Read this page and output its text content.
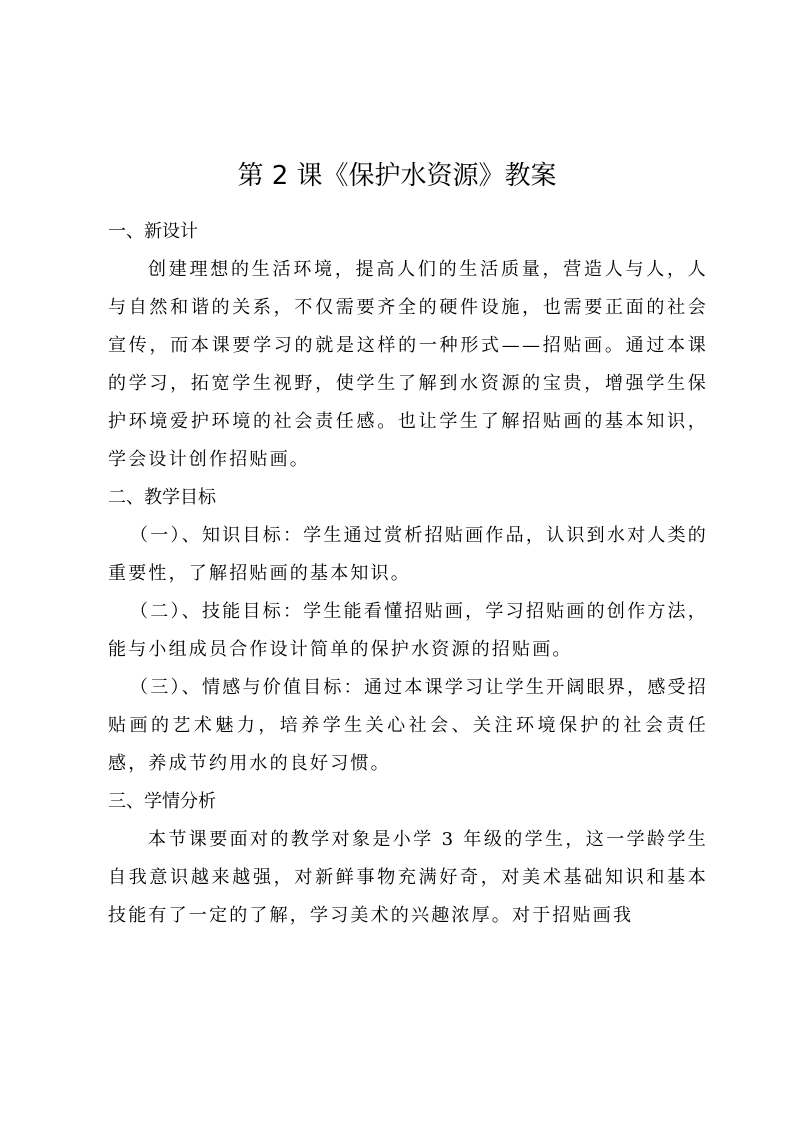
第 2 课《保护水资源》教案
一、新设计

创建理想的生活环境，提高人们的生活质量，营造人与人，人与自然和谐的关系，不仅需要齐全的硬件设施，也需要正面的社会宣传，而本课要学习的就是这样的一种形式——招贴画。通过本课的学习，拓宽学生视野，使学生了解到水资源的宝贵，增强学生保护环境爱护环境的社会责任感。也让学生了解招贴画的基本知识，学会设计创作招贴画。

二、教学目标

（一）、知识目标：学生通过赏析招贴画作品，认识到水对人类的重要性，了解招贴画的基本知识。

（二）、技能目标：学生能看懂招贴画，学习招贴画的创作方法，能与小组成员合作设计简单的保护水资源的招贴画。

（三）、情感与价值目标：通过本课学习让学生开阔眼界，感受招贴画的艺术魅力，培养学生关心社会、关注环境保护的社会责任感，养成节约用水的良好习惯。

三、学情分析

本节课要面对的教学对象是小学 3 年级的学生，这一学龄学生自我意识越来越强，对新鲜事物充满好奇，对美术基础知识和基本技能有了一定的了解，学习美术的兴趣浓厚。对于招贴画我
